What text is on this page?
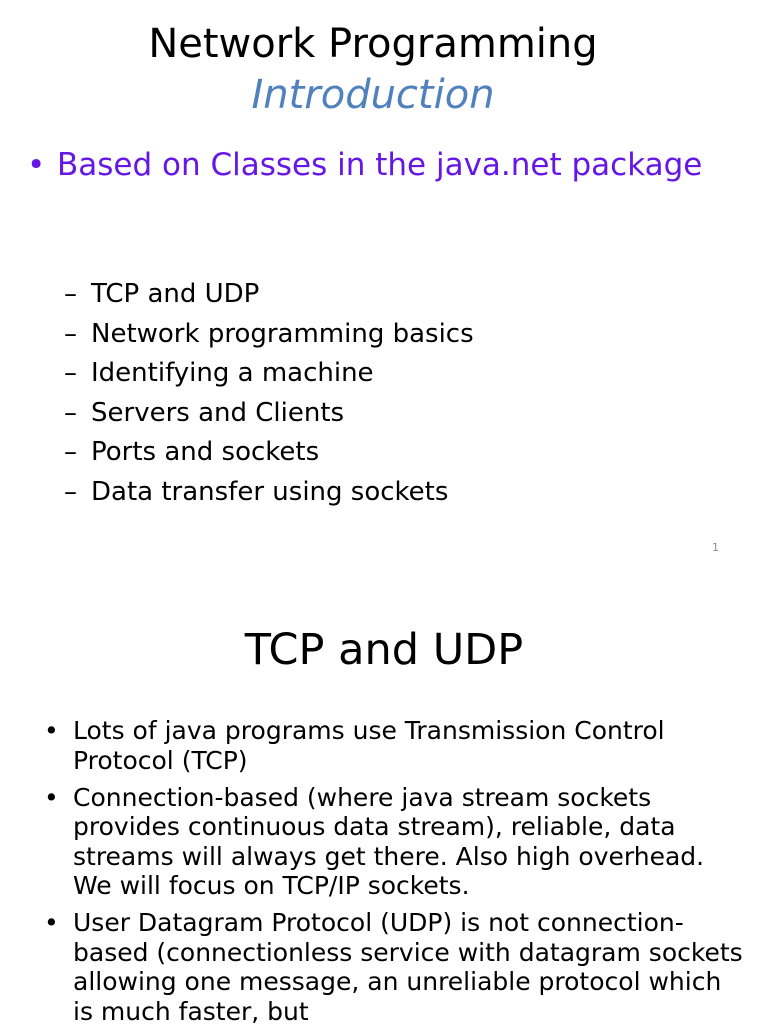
Network Programming
Introduction
• Based on Classes in the java.net package
– TCP and UDP
– Network programming basics
– Identifying a machine
– Servers and Clients
– Ports and sockets
– Data transfer using sockets
1
TCP and UDP
• Lots of java programs use Transmission Control Protocol (TCP)
• Connection-based (where java stream sockets provides continuous data stream), reliable, data streams will always get there. Also high overhead. We will focus on TCP/IP sockets.
• User Datagram Protocol (UDP) is not connection-based (connectionless service with datagram sockets allowing one message, an unreliable protocol which is much faster, but
